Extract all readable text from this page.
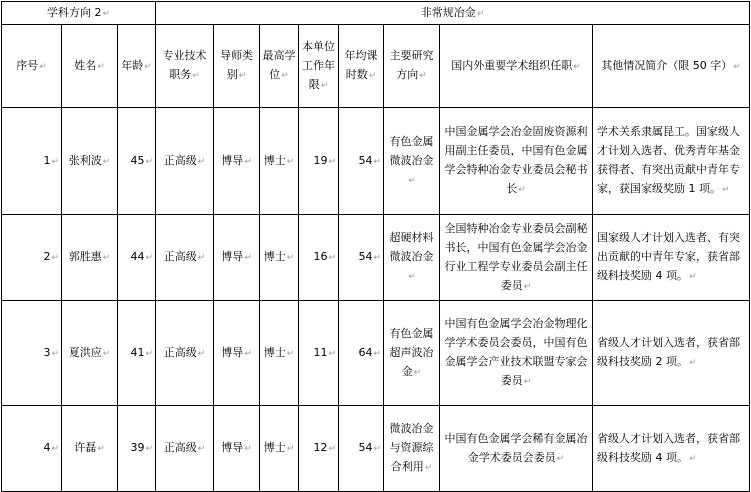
学科方向 2↵			非常规冶金↵							
序号↵	姓名↵	年龄↵	专业技术职务↵	导师类别↵	最高学位↵	本单位工作年限↵	年均课时数↵	主要研究方向↵	国内外重要学术组织任职↵	其他情况简介（限 50 字）↵
1↵	张利波↵	45↵	正高级↵	博导↵	博士↵	19↵	54↵	有色金属微波冶金↵	中国金属学会冶金固废资源利用副主任委员，中国有色金属学会特种冶金专业委员会秘书长↵	学术关系隶属昆工。国家级人才计划入选者、优秀青年基金获得者、有突出贡献中青年专家，获国家级奖励 1 项。↵
2↵	郭胜惠↵	44↵	正高级↵	博导↵	博士↵	16↵	54↵	超硬材料微波冶金↵	全国特种冶金专业委员会副秘书长，中国有色金属学会冶金行业工程学专业委员会副主任委员↵	国家级人才计划入选者、有突出贡献的中青年专家，获省部级科技奖励 4 项。↵
3↵	夏洪应↵	41↵	正高级↵	博导↵	博士↵	11↵	64↵	有色金属超声波冶金↵	中国有色金属学会冶金物理化学学术委员会委员，中国有色金属学会产业技术联盟专家会委员↵	省级人才计划入选者，获省部级科技奖励 2 项。↵
4↵	许磊↵	39↵	正高级↵	博导↵	博士↵	12↵	54↵	微波冶金与资源综合利用↵	中国有色金属学会稀有金属冶金学术委员会委员↵	省级人才计划入选者，获省部级科技奖励 4 项。↵
